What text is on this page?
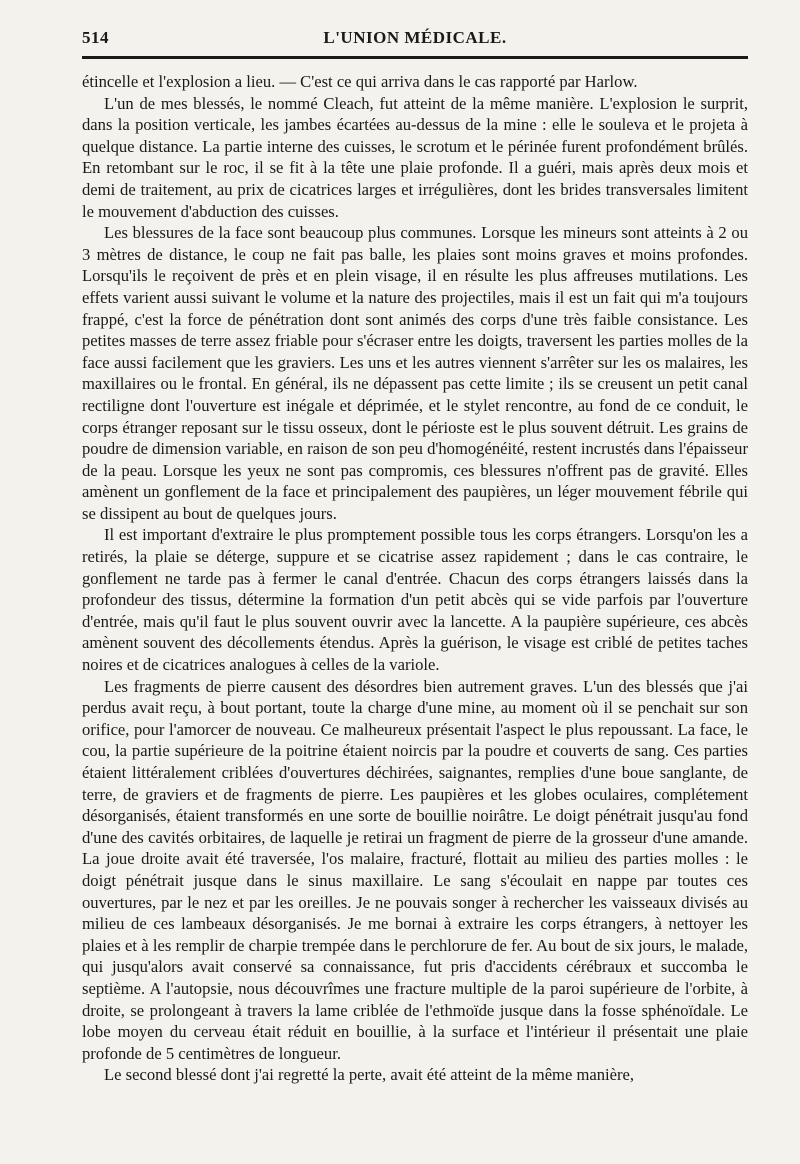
514	L'UNION MÉDICALE.

étincelle et l'explosion a lieu. — C'est ce qui arriva dans le cas rapporté par Harlow.

L'un de mes blessés, le nommé Cleach, fut atteint de la même manière. L'explosion le surprit, dans la position verticale, les jambes écartées au-dessus de la mine : elle le souleva et le projeta à quelque distance. La partie interne des cuisses, le scrotum et le périnée furent profondément brûlés. En retombant sur le roc, il se fit à la tête une plaie profonde. Il a guéri, mais après deux mois et demi de traitement, au prix de cicatrices larges et irrégulières, dont les brides transversales limitent le mouvement d'abduction des cuisses.

Les blessures de la face sont beaucoup plus communes. Lorsque les mineurs sont atteints à 2 ou 3 mètres de distance, le coup ne fait pas balle, les plaies sont moins graves et moins profondes. Lorsqu'ils le reçoivent de près et en plein visage, il en résulte les plus affreuses mutilations. Les effets varient aussi suivant le volume et la nature des projectiles, mais il est un fait qui m'a toujours frappé, c'est la force de pénétration dont sont animés des corps d'une très faible consistance. Les petites masses de terre assez friable pour s'écraser entre les doigts, traversent les parties molles de la face aussi facilement que les graviers. Les uns et les autres viennent s'arrêter sur les os malaires, les maxillaires ou le frontal. En général, ils ne dépassent pas cette limite ; ils se creusent un petit canal rectiligne dont l'ouverture est inégale et déprimée, et le stylet rencontre, au fond de ce conduit, le corps étranger reposant sur le tissu osseux, dont le périoste est le plus souvent détruit. Les grains de poudre de dimension variable, en raison de son peu d'homogénéité, restent incrustés dans l'épaisseur de la peau. Lorsque les yeux ne sont pas compromis, ces blessures n'offrent pas de gravité. Elles amènent un gonflement de la face et principalement des paupières, un léger mouvement fébrile qui se dissipent au bout de quelques jours.

Il est important d'extraire le plus promptement possible tous les corps étrangers. Lorsqu'on les a retirés, la plaie se déterge, suppure et se cicatrise assez rapidement ; dans le cas contraire, le gonflement ne tarde pas à fermer le canal d'entrée. Chacun des corps étrangers laissés dans la profondeur des tissus, détermine la formation d'un petit abcès qui se vide parfois par l'ouverture d'entrée, mais qu'il faut le plus souvent ouvrir avec la lancette. A la paupière supérieure, ces abcès amènent souvent des décollements étendus. Après la guérison, le visage est criblé de petites taches noires et de cicatrices analogues à celles de la variole.

Les fragments de pierre causent des désordres bien autrement graves. L'un des blessés que j'ai perdus avait reçu, à bout portant, toute la charge d'une mine, au moment où il se penchait sur son orifice, pour l'amorcer de nouveau. Ce malheureux présentait l'aspect le plus repoussant. La face, le cou, la partie supérieure de la poitrine étaient noircis par la poudre et couverts de sang. Ces parties étaient littéralement criblées d'ouvertures déchirées, saignantes, remplies d'une boue sanglante, de terre, de graviers et de fragments de pierre. Les paupières et les globes oculaires, complétement désorganisés, étaient transformés en une sorte de bouillie noirâtre. Le doigt pénétrait jusqu'au fond d'une des cavités orbitaires, de laquelle je retirai un fragment de pierre de la grosseur d'une amande. La joue droite avait été traversée, l'os malaire, fracturé, flottait au milieu des parties molles : le doigt pénétrait jusque dans le sinus maxillaire. Le sang s'écoulait en nappe par toutes ces ouvertures, par le nez et par les oreilles. Je ne pouvais songer à rechercher les vaisseaux divisés au milieu de ces lambeaux désorganisés. Je me bornai à extraire les corps étrangers, à nettoyer les plaies et à les remplir de charpie trempée dans le perchlorure de fer. Au bout de six jours, le malade, qui jusqu'alors avait conservé sa connaissance, fut pris d'accidents cérébraux et succomba le septième. A l'autopsie, nous découvrîmes une fracture multiple de la paroi supérieure de l'orbite, à droite, se prolongeant à travers la lame criblée de l'ethmoïde jusque dans la fosse sphénoïdale. Le lobe moyen du cerveau était réduit en bouillie, à la surface et l'intérieur il présentait une plaie profonde de 5 centimètres de longueur.

Le second blessé dont j'ai regretté la perte, avait été atteint de la même manière,
